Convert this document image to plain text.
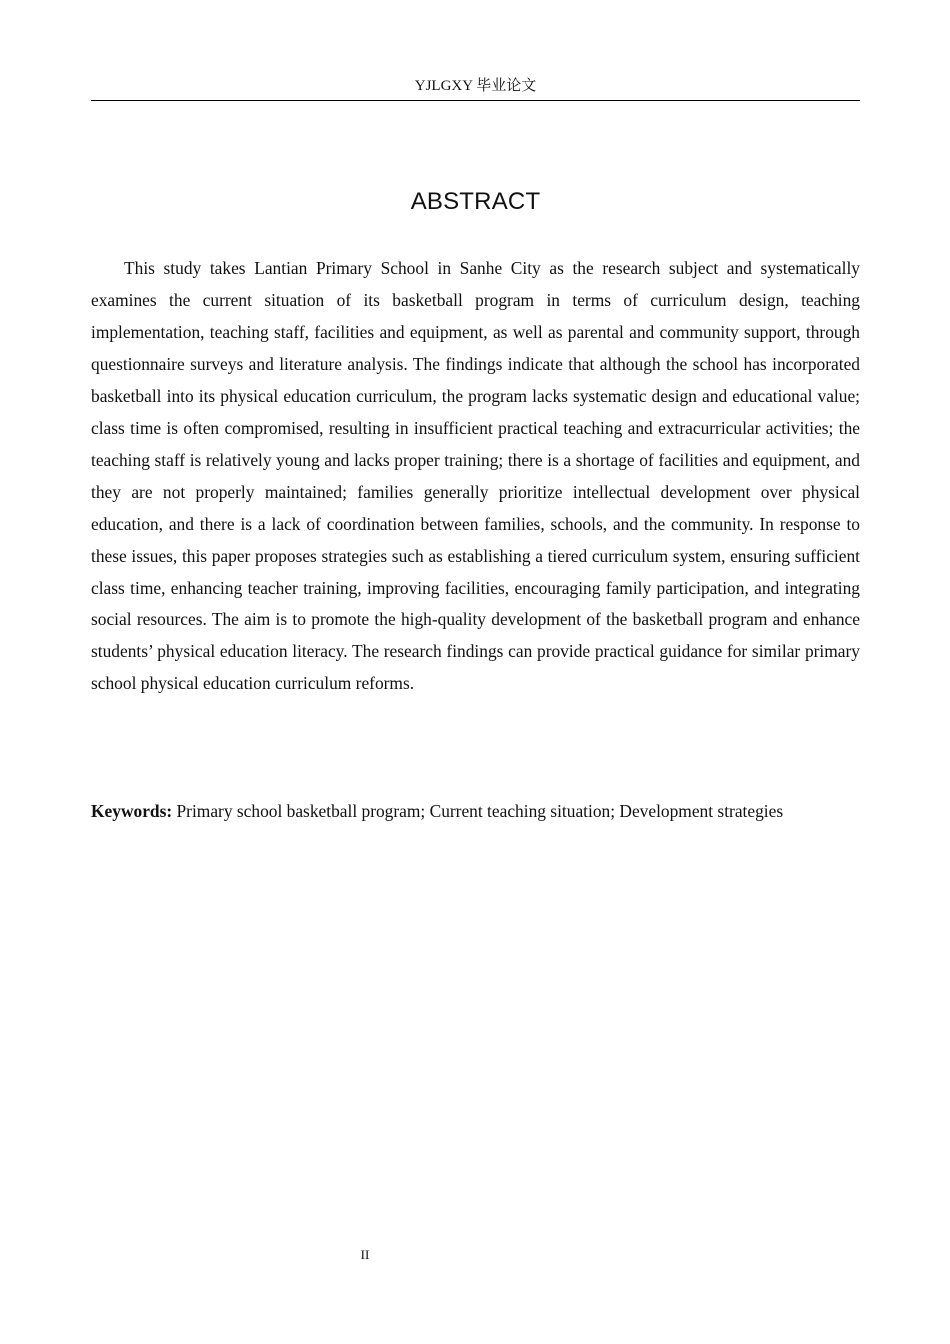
YJLGXY 毕业论文
ABSTRACT

This study takes Lantian Primary School in Sanhe City as the research subject and systematically examines the current situation of its basketball program in terms of curriculum design, teaching implementation, teaching staff, facilities and equipment, as well as parental and community support, through questionnaire surveys and literature analysis. The findings indicate that although the school has incorporated basketball into its physical education curriculum, the program lacks systematic design and educational value; class time is often compromised, resulting in insufficient practical teaching and extracurricular activities; the teaching staff is relatively young and lacks proper training; there is a shortage of facilities and equipment, and they are not properly maintained; families generally prioritize intellectual development over physical education, and there is a lack of coordination between families, schools, and the community. In response to these issues, this paper proposes strategies such as establishing a tiered curriculum system, ensuring sufficient class time, enhancing teacher training, improving facilities, encouraging family participation, and integrating social resources. The aim is to promote the high-quality development of the basketball program and enhance students’ physical education literacy. The research findings can provide practical guidance for similar primary school physical education curriculum reforms.

Keywords: Primary school basketball program; Current teaching situation; Development strategies

II
